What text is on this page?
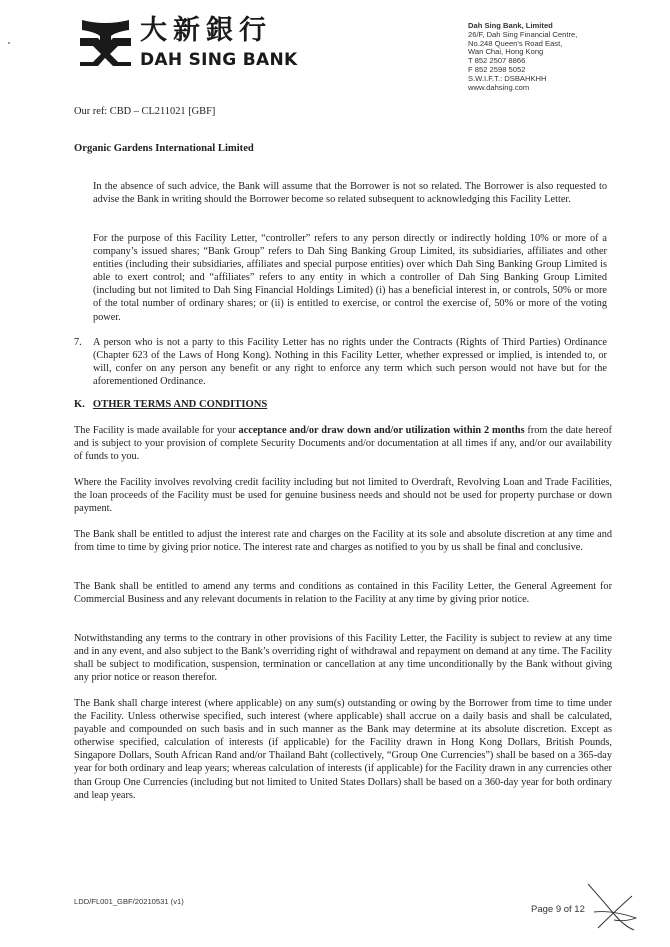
大新銀行
DAH SING BANK
Dah Sing Bank, Limited
26/F, Dah Sing Financial Centre,
No.248 Queen's Road East,
Wan Chai, Hong Kong
T 852 2507 8866
F 852 2598 5052
S.W.I.F.T.: DSBAHKHH
www.dahsing.com
Our ref: CBD – CL211021 [GBF]
Organic Gardens International Limited

In the absence of such advice, the Bank will assume that the Borrower is not so related. The Borrower is also requested to advise the Bank in writing should the Borrower become so related subsequent to acknowledging this Facility Letter.

For the purpose of this Facility Letter, “controller” refers to any person directly or indirectly holding 10% or more of a company’s issued shares; “Bank Group” refers to Dah Sing Banking Group Limited, its subsidiaries, affiliates and other entities (including their subsidiaries, affiliates and special purpose entities) over which Dah Sing Banking Group Limited is able to exert control; and “affiliates” refers to any entity in which a controller of Dah Sing Banking Group Limited (including but not limited to Dah Sing Financial Holdings Limited) (i) has a beneficial interest in, or controls, 50% or more of the total number of ordinary shares; or (ii) is entitled to exercise, or control the exercise of, 50% or more of the voting power.

7. A person who is not a party to this Facility Letter has no rights under the Contracts (Rights of Third Parties) Ordinance (Chapter 623 of the Laws of Hong Kong). Nothing in this Facility Letter, whether expressed or implied, is intended to, or will, confer on any person any benefit or any right to enforce any term which such person would not have but for the aforementioned Ordinance.

K. OTHER TERMS AND CONDITIONS

The Facility is made available for your acceptance and/or draw down and/or utilization within 2 months from the date hereof and is subject to your provision of complete Security Documents and/or documentation at all times if any, and/or our availability of funds to you.

Where the Facility involves revolving credit facility including but not limited to Overdraft, Revolving Loan and Trade Facilities, the loan proceeds of the Facility must be used for genuine business needs and should not be used for property purchase or down payment.

The Bank shall be entitled to adjust the interest rate and charges on the Facility at its sole and absolute discretion at any time and from time to time by giving prior notice. The interest rate and charges as notified to you by us shall be final and conclusive.

The Bank shall be entitled to amend any terms and conditions as contained in this Facility Letter, the General Agreement for Commercial Business and any relevant documents in relation to the Facility at any time by giving prior notice.

Notwithstanding any terms to the contrary in other provisions of this Facility Letter, the Facility is subject to review at any time and in any event, and also subject to the Bank’s overriding right of withdrawal and repayment on demand at any time. The Facility shall be subject to modification, suspension, termination or cancellation at any time unconditionally by the Bank without giving any prior notice or reason therefor.

The Bank shall charge interest (where applicable) on any sum(s) outstanding or owing by the Borrower from time to time under the Facility. Unless otherwise specified, such interest (where applicable) shall accrue on a daily basis and shall be calculated, payable and compounded on such basis and in such manner as the Bank may determine at its absolute discretion. Except as otherwise specified, calculation of interests (if applicable) for the Facility drawn in Hong Kong Dollars, British Pounds, Singapore Dollars, South African Rand and/or Thailand Baht (collectively, “Group One Currencies”) shall be based on a 365-day year for both ordinary and leap years; whereas calculation of interests (if applicable) for the Facility drawn in any currencies other than Group One Currencies (including but not limited to United States Dollars) shall be based on a 360-day year for both ordinary and leap years.

LDD/FL001_GBF/20210531 (v1)
Page 9 of 12
